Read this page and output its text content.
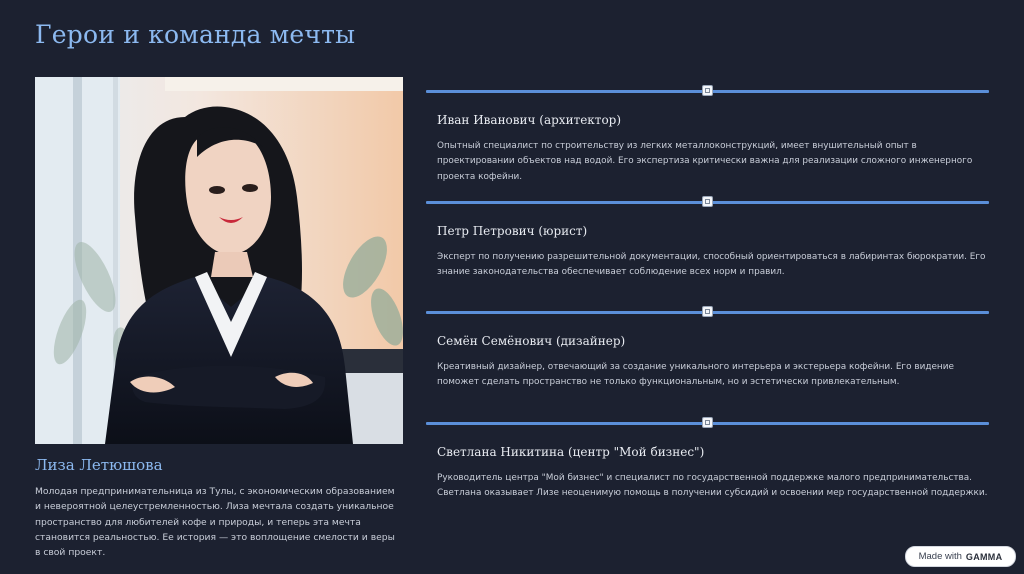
Герои и команда мечты
Лиза Летюшова
Молодая предпринимательница из Тулы, с экономическим образованием и невероятной целеустремленностью. Лиза мечтала создать уникальное пространство для любителей кофе и природы, и теперь эта мечта становится реальностью. Ее история — это воплощение смелости и веры в свой проект.
Иван Иванович (архитектор)
Опытный специалист по строительству из легких металлоконструкций, имеет внушительный опыт в проектировании объектов над водой. Его экспертиза критически важна для реализации сложного инженерного проекта кофейни.
Петр Петрович (юрист)
Эксперт по получению разрешительной документации, способный ориентироваться в лабиринтах бюрократии. Его знание законодательства обеспечивает соблюдение всех норм и правил.
Семён Семёнович (дизайнер)
Креативный дизайнер, отвечающий за создание уникального интерьера и экстерьера кофейни. Его видение поможет сделать пространство не только функциональным, но и эстетически привлекательным.
Светлана Никитина (центр "Мой бизнес")
Руководитель центра "Мой бизнес" и специалист по государственной поддержке малого предпринимательства. Светлана оказывает Лизе неоценимую помощь в получении субсидий и освоении мер государственной поддержки.
Made with GAMMA
